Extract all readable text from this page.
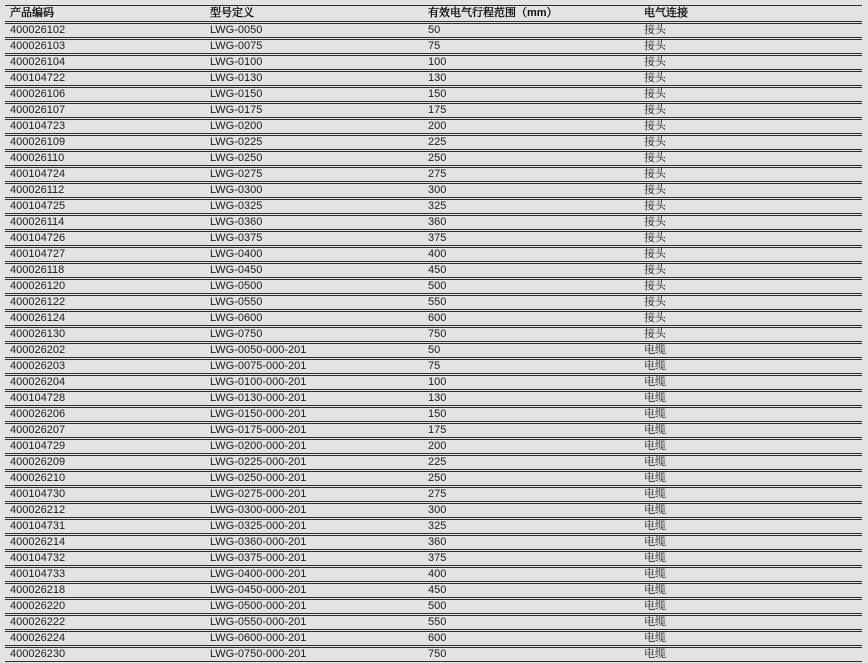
产品编码	型号定义	有效电气行程范围（mm）	电气连接
400026102	LWG-0050	50	接头
400026103	LWG-0075	75	接头
400026104	LWG-0100	100	接头
400104722	LWG-0130	130	接头
400026106	LWG-0150	150	接头
400026107	LWG-0175	175	接头
400104723	LWG-0200	200	接头
400026109	LWG-0225	225	接头
400026110	LWG-0250	250	接头
400104724	LWG-0275	275	接头
400026112	LWG-0300	300	接头
400104725	LWG-0325	325	接头
400026114	LWG-0360	360	接头
400104726	LWG-0375	375	接头
400104727	LWG-0400	400	接头
400026118	LWG-0450	450	接头
400026120	LWG-0500	500	接头
400026122	LWG-0550	550	接头
400026124	LWG-0600	600	接头
400026130	LWG-0750	750	接头
400026202	LWG-0050-000-201	50	电缆
400026203	LWG-0075-000-201	75	电缆
400026204	LWG-0100-000-201	100	电缆
400104728	LWG-0130-000-201	130	电缆
400026206	LWG-0150-000-201	150	电缆
400026207	LWG-0175-000-201	175	电缆
400104729	LWG-0200-000-201	200	电缆
400026209	LWG-0225-000-201	225	电缆
400026210	LWG-0250-000-201	250	电缆
400104730	LWG-0275-000-201	275	电缆
400026212	LWG-0300-000-201	300	电缆
400104731	LWG-0325-000-201	325	电缆
400026214	LWG-0360-000-201	360	电缆
400104732	LWG-0375-000-201	375	电缆
400104733	LWG-0400-000-201	400	电缆
400026218	LWG-0450-000-201	450	电缆
400026220	LWG-0500-000-201	500	电缆
400026222	LWG-0550-000-201	550	电缆
400026224	LWG-0600-000-201	600	电缆
400026230	LWG-0750-000-201	750	电缆
